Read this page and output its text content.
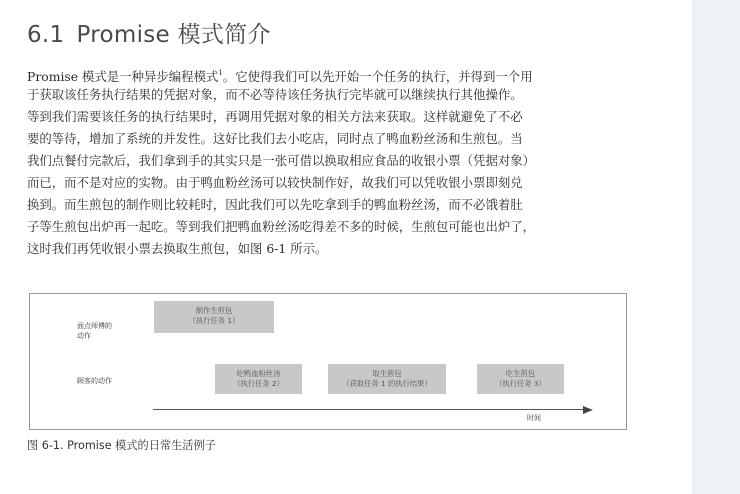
6.1 Promise 模式简介
Promise 模式是一种异步编程模式$^1$。它使得我们可以先开始一个任务的执行，并得到一个用
于获取该任务执行结果的凭据对象，而不必等待该任务执行完毕就可以继续执行其他操作。
等到我们需要该任务的执行结果时，再调用凭据对象的相关方法来获取。这样就避免了不必
要的等待，增加了系统的并发性。这好比我们去小吃店，同时点了鸭血粉丝汤和生煎包。当
我们点餐付完款后，我们拿到手的其实只是一张可借以换取相应食品的收银小票（凭据对象）
而已，而不是对应的实物。由于鸭血粉丝汤可以较快制作好，故我们可以凭收银小票即刻兑
换到。而生煎包的制作则比较耗时，因此我们可以先吃拿到手的鸭血粉丝汤，而不必饿着肚
子等生煎包出炉再一起吃。等到我们把鸭血粉丝汤吃得差不多的时候，生煎包可能也出炉了，
这时我们再凭收银小票去换取生煎包，如图 6-1 所示。
面点师傅的
动作
顾客的动作
制作生煎包
（执行任务 1）
吃鸭血粉丝汤
（执行任务 2）
取生煎包
（获取任务 1 的执行结果）
吃生煎包
（执行任务 3）
时间
图 6-1. Promise 模式的日常生活例子
